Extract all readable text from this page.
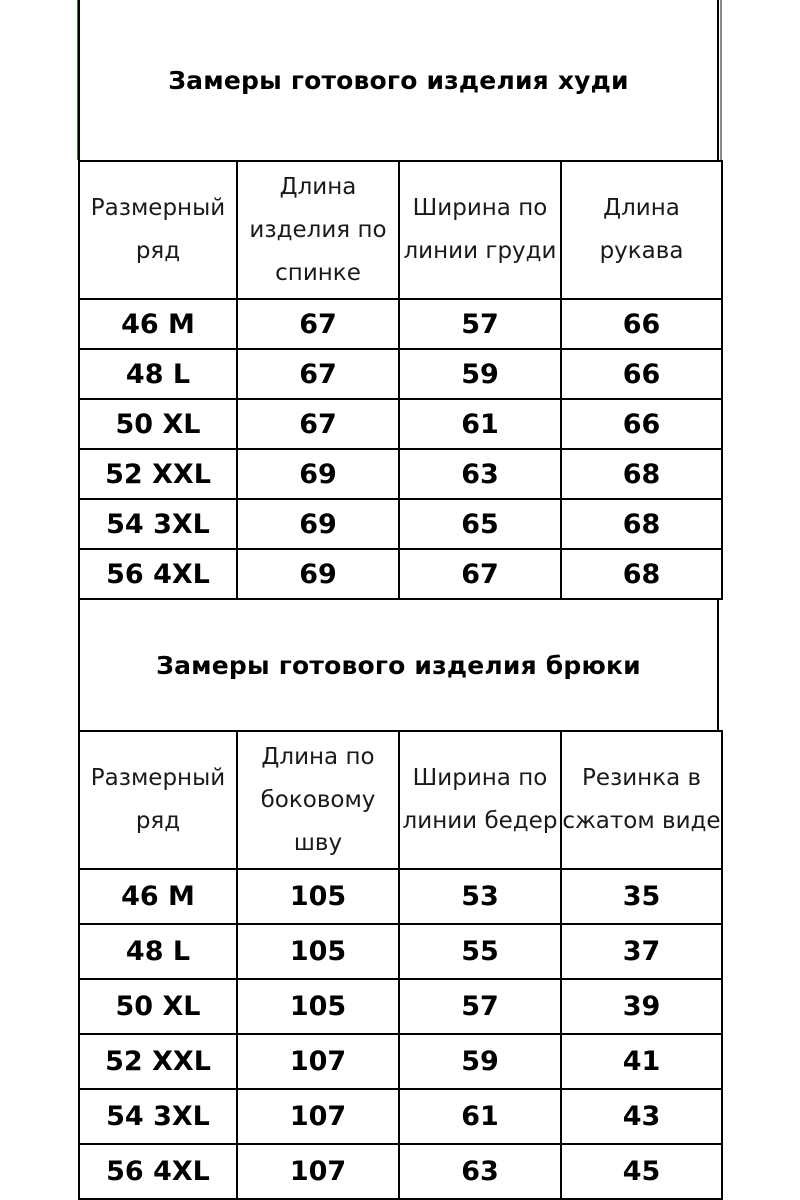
Замеры готового изделия худи
Размерный ряд	Длина изделия по спинке	Ширина по линии груди	Длина рукава
46 M	67	57	66
48 L	67	59	66
50 XL	67	61	66
52 XXL	69	63	68
54 3XL	69	65	68
56 4XL	69	67	68
Замеры готового изделия брюки
Размерный ряд	Длина по боковому шву	Ширина по линии бедер	Резинка в сжатом виде
46 M	105	53	35
48 L	105	55	37
50 XL	105	57	39
52 XXL	107	59	41
54 3XL	107	61	43
56 4XL	107	63	45
